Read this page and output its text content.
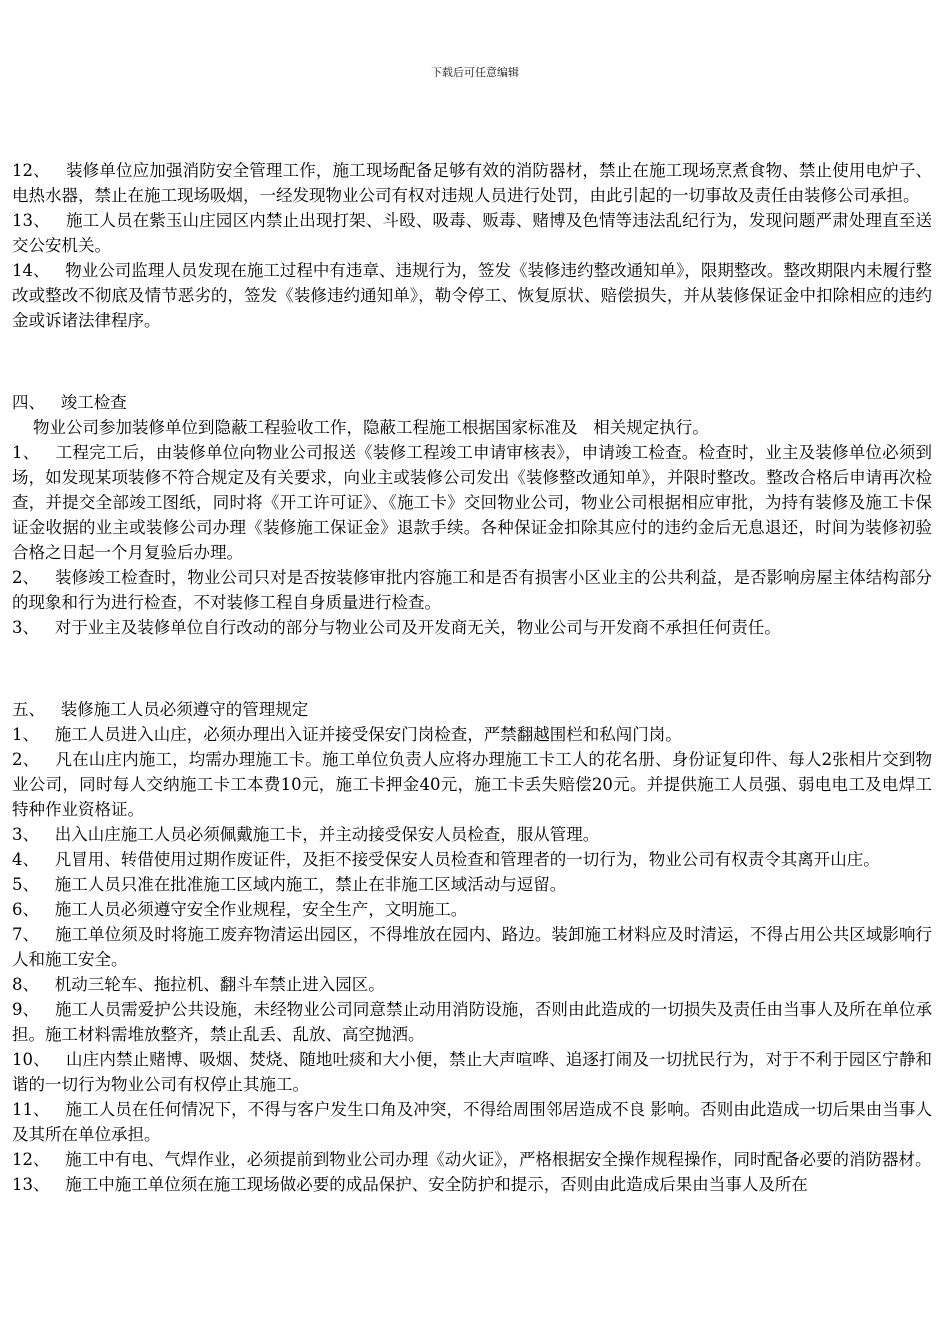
下载后可任意编辑

12、   装修单位应加强消防安全管理工作，施工现场配备足够有效的消防器材，禁止在施工现场烹煮食物、禁止使用电炉子、电热水器，禁止在施工现场吸烟，一经发现物业公司有权对违规人员进行处罚，由此引起的一切事故及责任由装修公司承担。

13、   施工人员在紫玉山庄园区内禁止出现打架、斗殴、吸毒、贩毒、赌博及色情等违法乱纪行为，发现问题严肃处理直至送交公安机关。

14、   物业公司监理人员发现在施工过程中有违章、违规行为，签发《装修违约整改通知单》，限期整改。整改期限内未履行整改或整改不彻底及情节恶劣的，签发《装修违约通知单》，勒令停工、恢复原状、赔偿损失，并从装修保证金中扣除相应的违约金或诉诸法律程序。

四、   竣工检查

物业公司参加装修单位到隐蔽工程验收工作，隐蔽工程施工根据国家标准及   相关规定执行。

1、   工程完工后，由装修单位向物业公司报送《装修工程竣工申请审核表》，申请竣工检查。检查时，业主及装修单位必须到场，如发现某项装修不符合规定及有关要求，向业主或装修公司发出《装修整改通知单》，并限时整改。整改合格后申请再次检查，并提交全部竣工图纸，同时将《开工许可证》、《施工卡》交回物业公司，物业公司根据相应审批，为持有装修及施工卡保证金收据的业主或装修公司办理《装修施工保证金》退款手续。各种保证金扣除其应付的违约金后无息退还，时间为装修初验合格之日起一个月复验后办理。

2、   装修竣工检查时，物业公司只对是否按装修审批内容施工和是否有损害小区业主的公共利益，是否影响房屋主体结构部分的现象和行为进行检查，不对装修工程自身质量进行检查。

3、   对于业主及装修单位自行改动的部分与物业公司及开发商无关，物业公司与开发商不承担任何责任。

五、   装修施工人员必须遵守的管理规定

1、   施工人员进入山庄，必须办理出入证并接受保安门岗检查，严禁翻越围栏和私闯门岗。

2、   凡在山庄内施工，均需办理施工卡。施工单位负责人应将办理施工卡工人的花名册、身份证复印件、每人2张相片交到物业公司，同时每人交纳施工卡工本费10元，施工卡押金40元，施工卡丢失赔偿20元。并提供施工人员强、弱电电工及电焊工特种作业资格证。

3、   出入山庄施工人员必须佩戴施工卡，并主动接受保安人员检查，服从管理。

4、   凡冒用、转借使用过期作废证件，及拒不接受保安人员检查和管理者的一切行为，物业公司有权责令其离开山庄。

5、   施工人员只准在批准施工区域内施工，禁止在非施工区域活动与逗留。

6、   施工人员必须遵守安全作业规程，安全生产，文明施工。

7、   施工单位须及时将施工废弃物清运出园区，不得堆放在园内、路边。装卸施工材料应及时清运，不得占用公共区域影响行人和施工安全。

8、   机动三轮车、拖拉机、翻斗车禁止进入园区。

9、   施工人员需爱护公共设施，未经物业公司同意禁止动用消防设施，否则由此造成的一切损失及责任由当事人及所在单位承担。施工材料需堆放整齐，禁止乱丢、乱放、高空抛洒。

10、   山庄内禁止赌博、吸烟、焚烧、随地吐痰和大小便，禁止大声喧哗、追逐打闹及一切扰民行为，对于不利于园区宁静和谐的一切行为物业公司有权停止其施工。

11、   施工人员在任何情况下，不得与客户发生口角及冲突，不得给周围邻居造成不良 影响。否则由此造成一切后果由当事人及其所在单位承担。

12、   施工中有电、气焊作业，必须提前到物业公司办理《动火证》，严格根据安全操作规程操作，同时配备必要的消防器材。

13、   施工中施工单位须在施工现场做必要的成品保护、安全防护和提示，否则由此造成后果由当事人及所在
